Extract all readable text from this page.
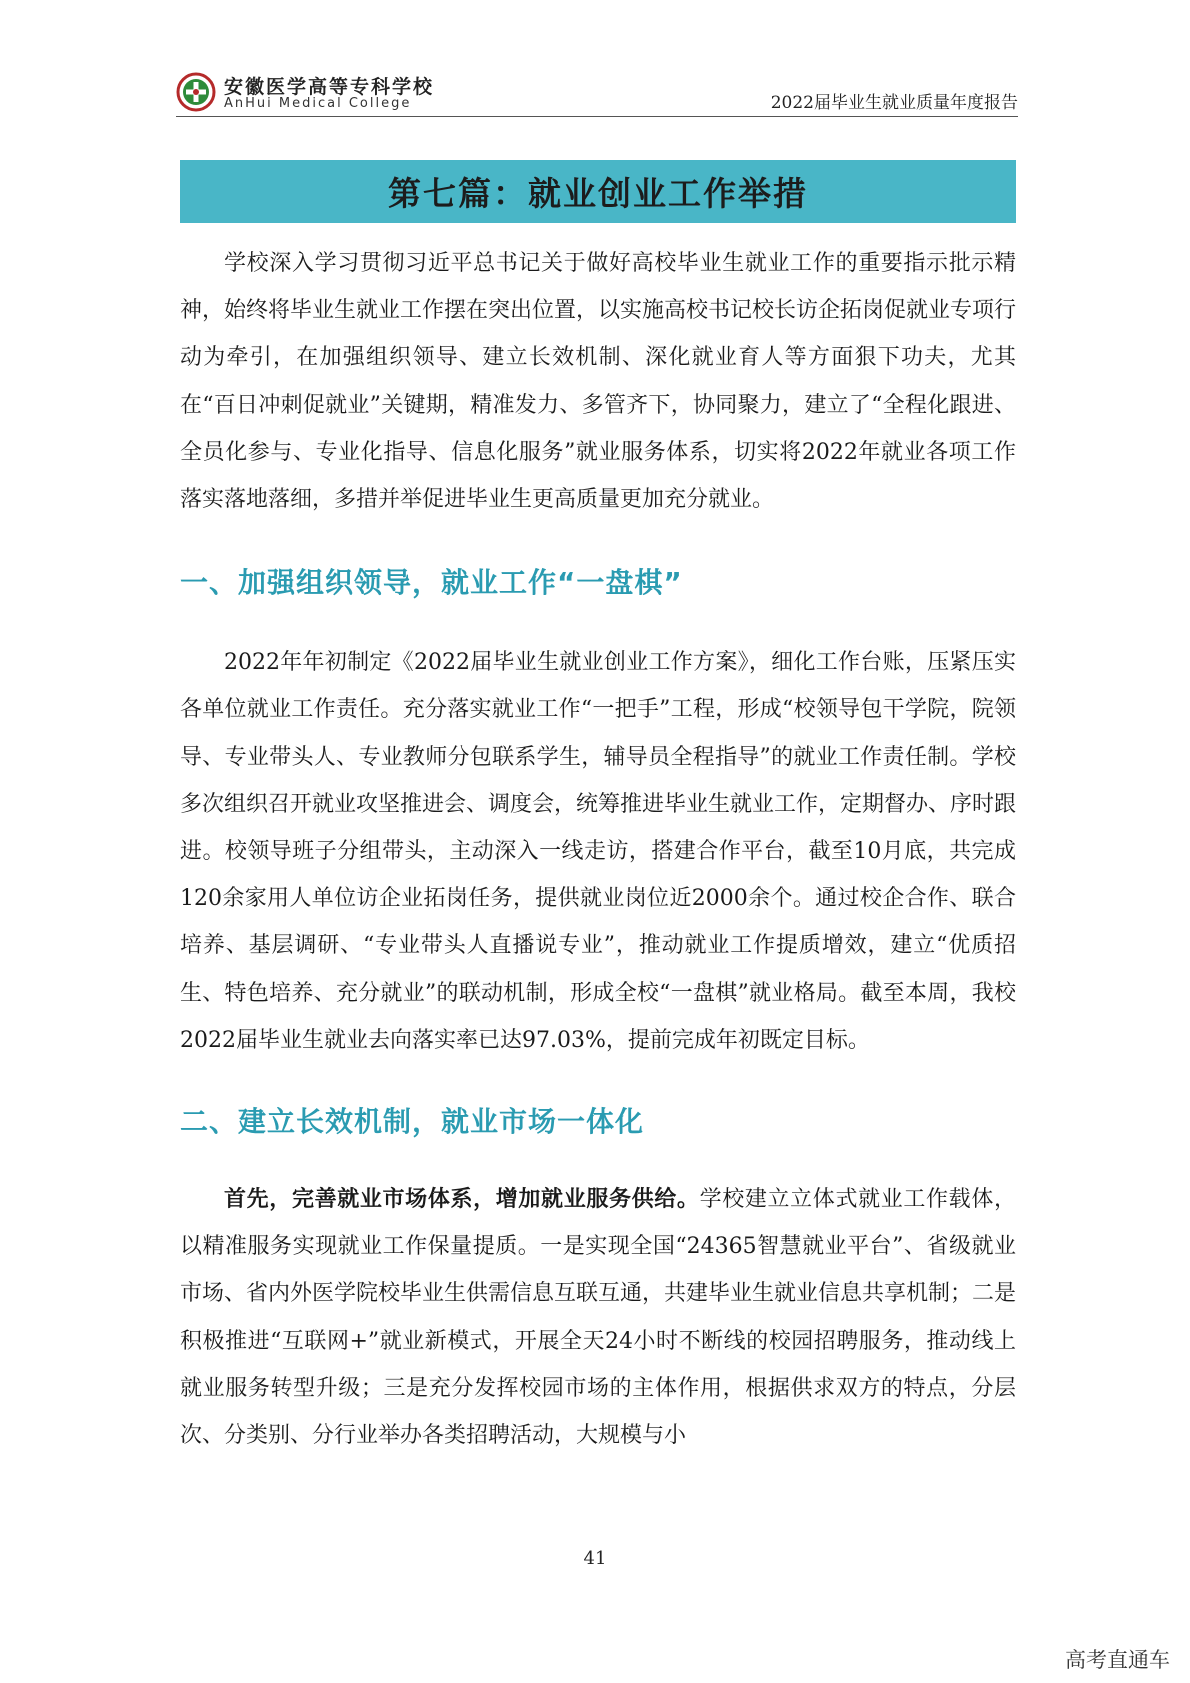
安徽医学高等专科学校
AnHui Medical College	2022届毕业生就业质量年度报告
第七篇：就业创业工作举措

学校深入学习贯彻习近平总书记关于做好高校毕业生就业工作的重要指示批示精神，始终将毕业生就业工作摆在突出位置，以实施高校书记校长访企拓岗促就业专项行动为牵引，在加强组织领导、建立长效机制、深化就业育人等方面狠下功夫，尤其在“百日冲刺促就业”关键期，精准发力、多管齐下，协同聚力，建立了“全程化跟进、全员化参与、专业化指导、信息化服务”就业服务体系，切实将2022年就业各项工作落实落地落细，多措并举促进毕业生更高质量更加充分就业。

一、加强组织领导，就业工作“一盘棋”

2022年年初制定《2022届毕业生就业创业工作方案》，细化工作台账，压紧压实各单位就业工作责任。充分落实就业工作“一把手”工程，形成“校领导包干学院，院领导、专业带头人、专业教师分包联系学生，辅导员全程指导”的就业工作责任制。学校多次组织召开就业攻坚推进会、调度会，统筹推进毕业生就业工作，定期督办、序时跟进。校领导班子分组带头，主动深入一线走访，搭建合作平台，截至10月底，共完成120余家用人单位访企业拓岗任务，提供就业岗位近2000余个。通过校企合作、联合培养、基层调研、“专业带头人直播说专业”，推动就业工作提质增效，建立“优质招生、特色培养、充分就业”的联动机制，形成全校“一盘棋”就业格局。截至本周，我校2022届毕业生就业去向落实率已达97.03%，提前完成年初既定目标。

二、建立长效机制，就业市场一体化

首先，完善就业市场体系，增加就业服务供给。学校建立立体式就业工作载体，以精准服务实现就业工作保量提质。一是实现全国“24365智慧就业平台”、省级就业市场、省内外医学院校毕业生供需信息互联互通，共建毕业生就业信息共享机制；二是积极推进“互联网+”就业新模式，开展全天24小时不断线的校园招聘服务，推动线上就业服务转型升级；三是充分发挥校园市场的主体作用，根据供求双方的特点，分层次、分类别、分行业举办各类招聘活动，大规模与小

41
高考直通车
